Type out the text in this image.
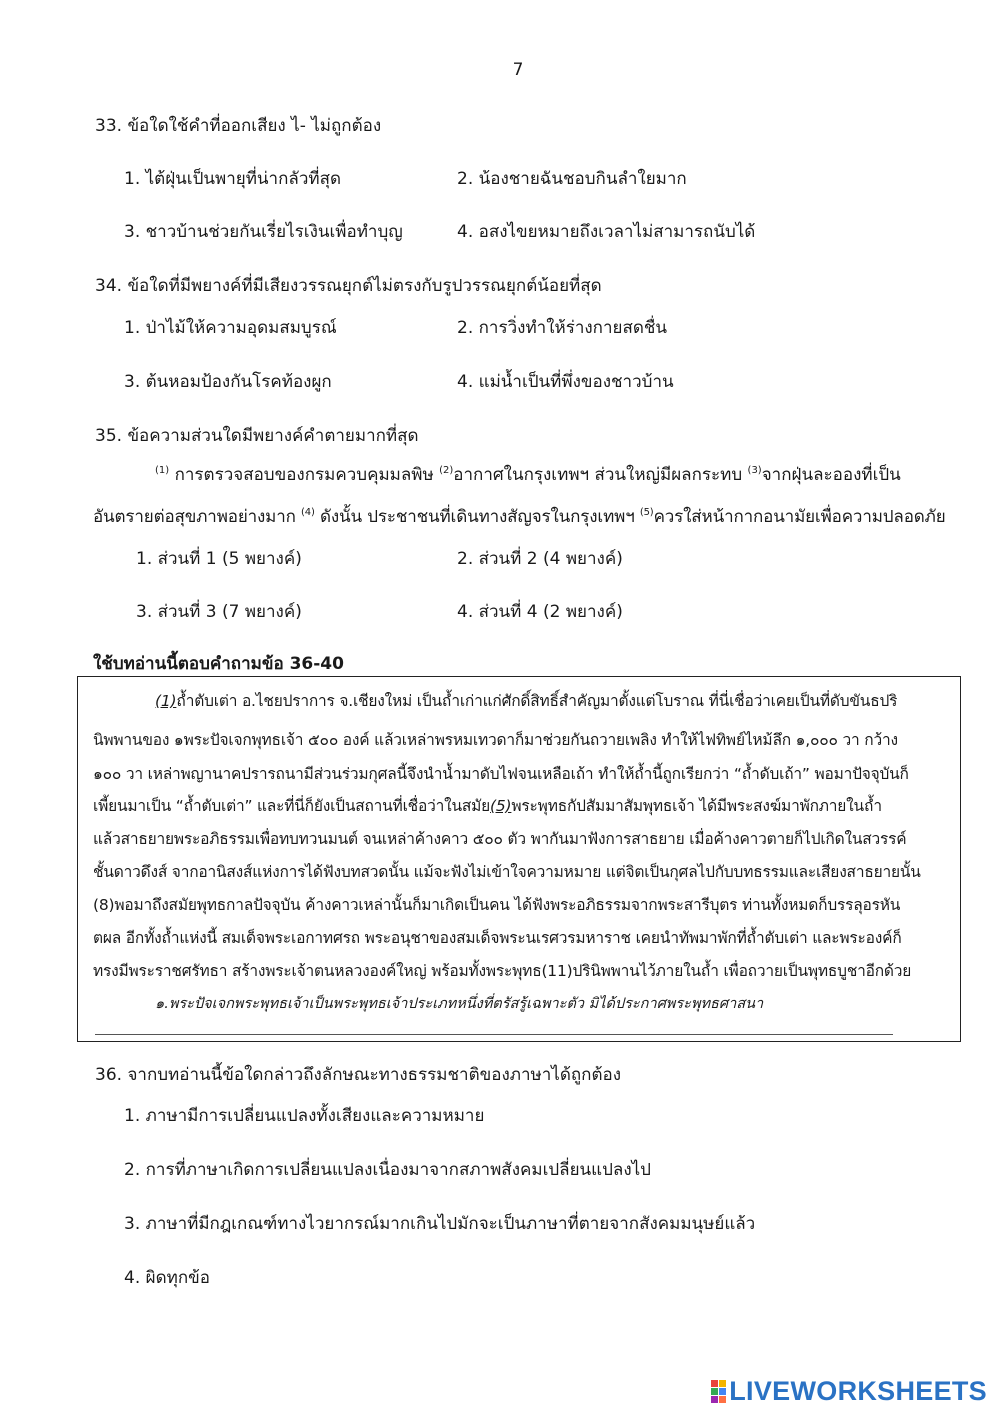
7
33. ข้อใดใช้คำที่ออกเสียง ไ- ไม่ถูกต้อง
1. ไต้ฝุ่นเป็นพายุที่น่ากลัวที่สุด	2. น้องชายฉันชอบกินลำใยมาก
3. ชาวบ้านช่วยกันเรี่ยไรเงินเพื่อทำบุญ	4. อสงไขยหมายถึงเวลาไม่สามารถนับได้
34. ข้อใดที่มีพยางค์ที่มีเสียงวรรณยุกต์ไม่ตรงกับรูปวรรณยุกต์น้อยที่สุด
1. ป่าไม้ให้ความอุดมสมบูรณ์	2. การวิ่งทำให้ร่างกายสดชื่น
3. ต้นหอมป้องกันโรคท้องผูก	4. แม่น้ำเป็นที่พึ่งของชาวบ้าน
35. ข้อความส่วนใดมีพยางค์คำตายมากที่สุด
$^{(1)}$ การตรวจสอบของกรมควบคุมมลพิษ $^{(2)}$อากาศในกรุงเทพฯ ส่วนใหญ่มีผลกระทบ $^{(3)}$จากฝุ่นละอองที่เป็น
อันตรายต่อสุขภาพอย่างมาก $^{(4)}$ ดังนั้น ประชาชนที่เดินทางสัญจรในกรุงเทพฯ $^{(5)}$ควรใส่หน้ากากอนามัยเพื่อความปลอดภัย
1. ส่วนที่ 1 (5 พยางค์)	2. ส่วนที่ 2 (4 พยางค์)
3. ส่วนที่ 3 (7 พยางค์)	4. ส่วนที่ 4 (2 พยางค์)
ใช้บทอ่านนี้ตอบคำถามข้อ 36-40
(1)ถ้ำตับเต่า อ.ไชยปราการ จ.เชียงใหม่ เป็นถ้ำเก่าแก่ศักดิ์สิทธิ์สำคัญมาตั้งแต่โบราณ ที่นี่เชื่อว่าเคยเป็นที่ดับขันธปริ
นิพพานของ ๑พระปัจเจกพุทธเจ้า ๕๐๐ องค์ แล้วเหล่าพรหมเทวดาก็มาช่วยกันถวายเพลิง ทำให้ไฟทิพย์ไหม้ลึก ๑,๐๐๐ วา กว้าง
๑๐๐ วา เหล่าพญานาคปรารถนามีส่วนร่วมกุศลนี้จึงนำน้ำมาดับไฟจนเหลือเถ้า ทำให้ถ้ำนี้ถูกเรียกว่า “ถ้ำดับเถ้า” พอมาปัจจุบันก็
เพี้ยนมาเป็น “ถ้ำตับเต่า” และที่นี่ก็ยังเป็นสถานที่เชื่อว่าในสมัย(5)พระพุทธกัปสัมมาสัมพุทธเจ้า ได้มีพระสงฆ์มาพักภายในถ้ำ
แล้วสาธยายพระอภิธรรมเพื่อทบทวนมนต์ จนเหล่าค้างคาว ๕๐๐ ตัว พากันมาฟังการสาธยาย เมื่อค้างคาวตายก็ไปเกิดในสวรรค์
ชั้นดาวดึงส์ จากอานิสงส์แห่งการได้ฟังบทสวดนั้น แม้จะฟังไม่เข้าใจความหมาย แต่จิตเป็นกุศลไปกับบทธรรมและเสียงสาธยายนั้น
(8)พอมาถึงสมัยพุทธกาลปัจจุบัน ค้างคาวเหล่านั้นก็มาเกิดเป็นคน ได้ฟังพระอภิธรรมจากพระสารีบุตร ท่านทั้งหมดก็บรรลุอรหัน
ตผล อีกทั้งถ้ำแห่งนี้ สมเด็จพระเอกาทศรถ พระอนุชาของสมเด็จพระนเรศวรมหาราช เคยนำทัพมาพักที่ถ้ำตับเต่า และพระองค์ก็
ทรงมีพระราชศรัทธา สร้างพระเจ้าตนหลวงองค์ใหญ่ พร้อมทั้งพระพุทธ(11)ปรินิพพานไว้ภายในถ้ำ เพื่อถวายเป็นพุทธบูชาอีกด้วย
๑.พระปัจเจกพระพุทธเจ้าเป็นพระพุทธเจ้าประเภทหนึ่งที่ตรัสรู้เฉพาะตัว มิได้ประกาศพระพุทธศาสนา
36. จากบทอ่านนี้ข้อใดกล่าวถึงลักษณะทางธรรมชาติของภาษาได้ถูกต้อง
1. ภาษามีการเปลี่ยนแปลงทั้งเสียงและความหมาย
2. การที่ภาษาเกิดการเปลี่ยนแปลงเนื่องมาจากสภาพสังคมเปลี่ยนแปลงไป
3. ภาษาที่มีกฎเกณฑ์ทางไวยากรณ์มากเกินไปมักจะเป็นภาษาที่ตายจากสังคมมนุษย์แล้ว
4. ผิดทุกข้อ
LIVEWORKSHEETS
